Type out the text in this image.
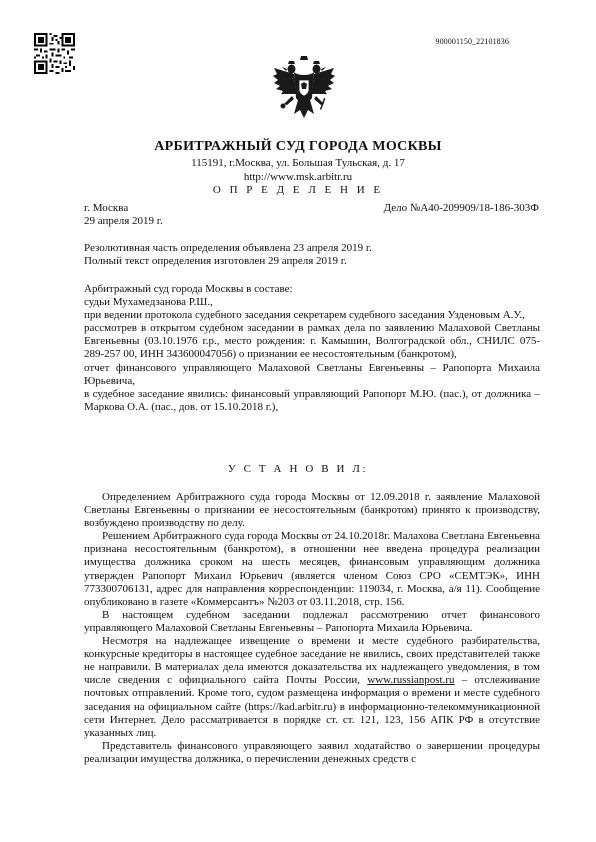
900001150_22101836
АРБИТРАЖНЫЙ СУД ГОРОДА МОСКВЫ
115191, г.Москва, ул. Большая Тульская, д. 17
http://www.msk.arbitr.ru
О П Р Е Д Е Л Е Н И Е
г. Москва	Дело №А40-209909/18-186-303Ф
29 апреля 2019 г.
Резолютивная часть определения объявлена 23 апреля 2019 г.
Полный текст определения изготовлен 29 апреля 2019 г.

Арбитражный суд города Москвы в составе:

судьи Мухамедзанова Р.Ш.,

при ведении протокола судебного заседания секретарем судебного заседания Узденовым А.У.,

рассмотрев в открытом судебном заседании в рамках дела по заявлению Малаховой Светланы Евгеньевны (03.10.1976 г.р., место рождения: г. Камышин, Волгоградской обл., СНИЛС 075- 289-257 00, ИНН 343600047056) о признании ее несостоятельным (банкротом),

отчет финансового управляющего Малаховой Светланы Евгеньевны – Рапопорта Михаила Юрьевича,

в судебное заседание явились: финансовый управляющий Рапопорт М.Ю. (пас.), от должника – Маркова О.А. (пас., дов. от 15.10.2018 г.),

У С Т А Н О В И Л:

Определением Арбитражного суда города Москвы от 12.09.2018 г. заявление Малаховой Светланы Евгеньевны о признании ее несостоятельным (банкротом) принято к производству, возбуждено производству по делу.

Решением Арбитражного суда города Москвы от 24.10.2018г. Малахова Светлана Евгеньевна признана несостоятельным (банкротом), в отношении нее введена процедура реализации имущества должника сроком на шесть месяцев, финансовым управляющим должника утвержден Рапопорт Михаил Юрьевич (является членом Союз СРО «СЕМТЭК», ИНН 773300706131, адрес для направления корреспонденции: 119034, г. Москва, а/я 11). Сообщение опубликовано в газете «Коммерсантъ» №203 от 03.11.2018, стр. 156.

В настоящем судебном заседании подлежал рассмотрению отчет финансового управляющего Малаховой Светланы Евгеньевны – Рапопорта Михаила Юрьевича.

Несмотря на надлежащее извещение о времени и месте судебного разбирательства, конкурсные кредиторы в настоящее судебное заседание не явились, своих представителей также не направили. В материалах дела имеются доказательства их надлежащего уведомления, в том числе сведения с официального сайта Почты России, www.russianpost.ru – отслеживание почтовых отправлений. Кроме того, судом размещена информация о времени и месте судебного заседания на официальном сайте (https://kad.arbitr.ru) в информационно-телекоммуникационной сети Интернет. Дело рассматривается в порядке ст. ст. 121, 123, 156 АПК РФ в отсутствие указанных лиц.

Представитель финансового управляющего заявил ходатайство о завершении процедуры реализации имущества должника, о перечислении денежных средств с
